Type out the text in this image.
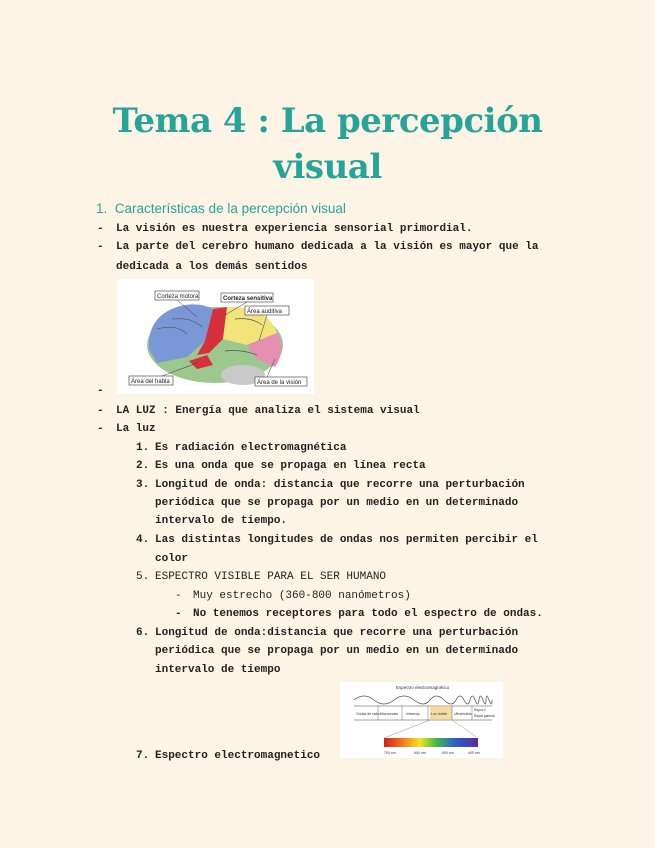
Tema 4 : La percepción
visual
1. Características de la percepción visual
- La visión es nuestra experiencia sensorial primordial.
- La parte del cerebro humano dedicada a la visión es mayor que la
dedicada a los demás sentidos
Corteza motora	Corteza sensitiva
Área auditiva
Área del habla	Área de la visión
-
- LA LUZ : Energía que analiza el sistema visual
- La luz
1. Es radiación electromagnética
2. Es una onda que se propaga en línea recta
3. Longitud de onda: distancia que recorre una perturbación
periódica que se propaga por un medio en un determinado
intervalo de tiempo.
4. Las distintas longitudes de ondas nos permiten percibir el
color
5. ESPECTRO VISIBLE PARA EL SER HUMANO
- Muy estrecho (360-800 nanómetros)
- No tenemos receptores para todo el espectro de ondas.
6. Longitud de onda:distancia que recorre una perturbación
periódica que se propaga por un medio en un determinado
intervalo de tiempo
Espectro electromagnético
Ondas de radio Microondas Infrarrojo	Luz visible Ultravioleta
Rayos X
Rayos gamma
700 nm	600 nm	500 nm	400 nm
7. Espectro electromagnetico
